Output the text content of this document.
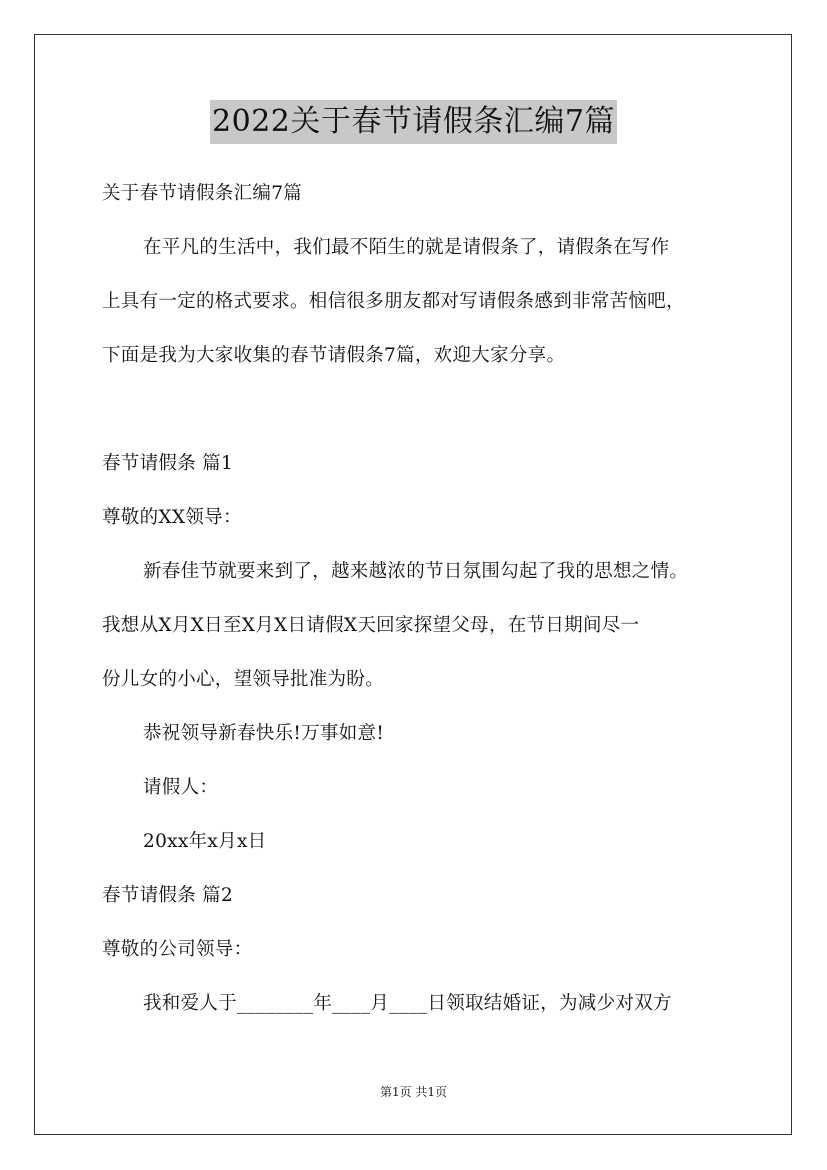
2022关于春节请假条汇编7篇
关于春节请假条汇编7篇
在平凡的生活中，我们最不陌生的就是请假条了，请假条在写作
上具有一定的格式要求。相信很多朋友都对写请假条感到非常苦恼吧，
下面是我为大家收集的春节请假条7篇，欢迎大家分享。
春节请假条 篇1
尊敬的XX领导：
新春佳节就要来到了，越来越浓的节日氛围勾起了我的思想之情。
我想从X月X日至X月X日请假X天回家探望父母，在节日期间尽一
份儿女的小心，望领导批准为盼。
恭祝领导新春快乐!万事如意!
请假人：
20xx年x月x日
春节请假条 篇2
尊敬的公司领导：
我和爱人于________年____月____日领取结婚证，为减少对双方
第1页 共1页
